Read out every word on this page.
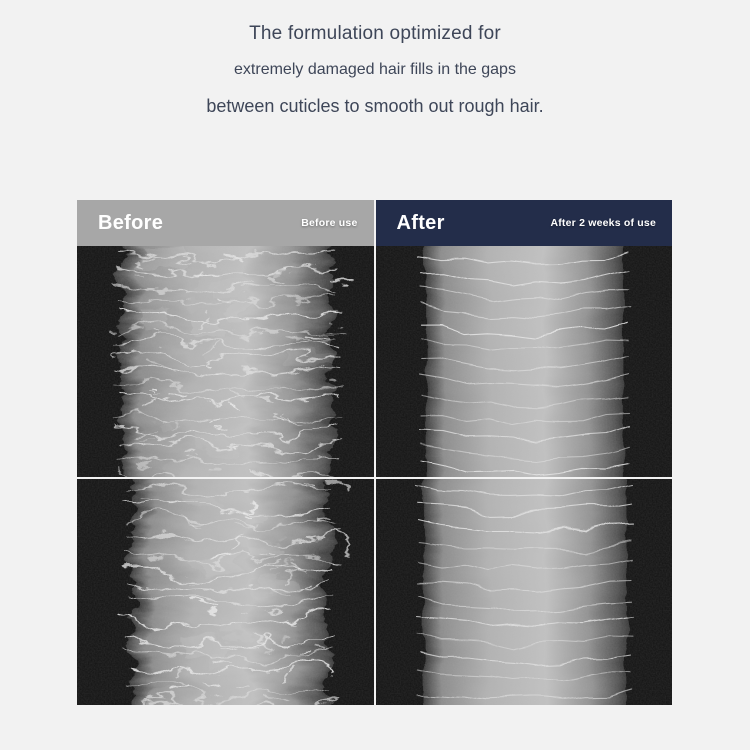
The formulation optimized for
extremely damaged hair fills in the gaps
between cuticles to smooth out rough hair.
Before	Before use	After	After 2 weeks of use
